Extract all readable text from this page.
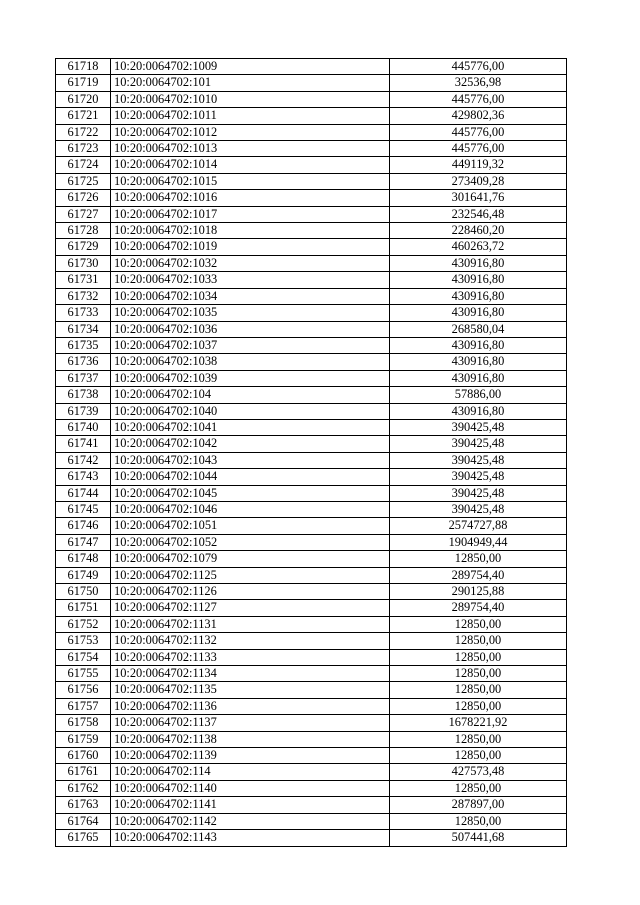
61718	10:20:0064702:1009	445776,00
61719	10:20:0064702:101	32536,98
61720	10:20:0064702:1010	445776,00
61721	10:20:0064702:1011	429802,36
61722	10:20:0064702:1012	445776,00
61723	10:20:0064702:1013	445776,00
61724	10:20:0064702:1014	449119,32
61725	10:20:0064702:1015	273409,28
61726	10:20:0064702:1016	301641,76
61727	10:20:0064702:1017	232546,48
61728	10:20:0064702:1018	228460,20
61729	10:20:0064702:1019	460263,72
61730	10:20:0064702:1032	430916,80
61731	10:20:0064702:1033	430916,80
61732	10:20:0064702:1034	430916,80
61733	10:20:0064702:1035	430916,80
61734	10:20:0064702:1036	268580,04
61735	10:20:0064702:1037	430916,80
61736	10:20:0064702:1038	430916,80
61737	10:20:0064702:1039	430916,80
61738	10:20:0064702:104	57886,00
61739	10:20:0064702:1040	430916,80
61740	10:20:0064702:1041	390425,48
61741	10:20:0064702:1042	390425,48
61742	10:20:0064702:1043	390425,48
61743	10:20:0064702:1044	390425,48
61744	10:20:0064702:1045	390425,48
61745	10:20:0064702:1046	390425,48
61746	10:20:0064702:1051	2574727,88
61747	10:20:0064702:1052	1904949,44
61748	10:20:0064702:1079	12850,00
61749	10:20:0064702:1125	289754,40
61750	10:20:0064702:1126	290125,88
61751	10:20:0064702:1127	289754,40
61752	10:20:0064702:1131	12850,00
61753	10:20:0064702:1132	12850,00
61754	10:20:0064702:1133	12850,00
61755	10:20:0064702:1134	12850,00
61756	10:20:0064702:1135	12850,00
61757	10:20:0064702:1136	12850,00
61758	10:20:0064702:1137	1678221,92
61759	10:20:0064702:1138	12850,00
61760	10:20:0064702:1139	12850,00
61761	10:20:0064702:114	427573,48
61762	10:20:0064702:1140	12850,00
61763	10:20:0064702:1141	287897,00
61764	10:20:0064702:1142	12850,00
61765	10:20:0064702:1143	507441,68
